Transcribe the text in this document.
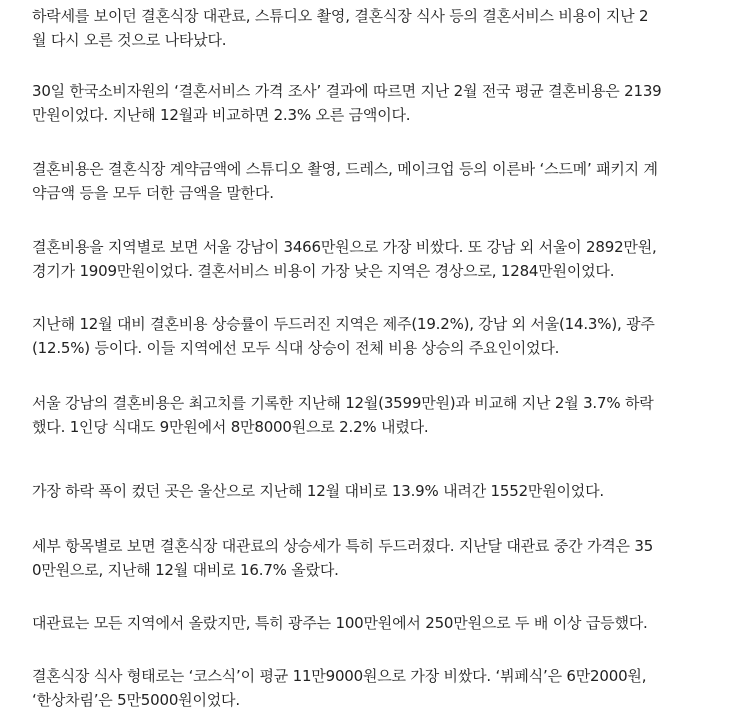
하락세를 보이던 결혼식장 대관료, 스튜디오 촬영, 결혼식장 식사 등의 결혼서비스 비용이 지난 2
월 다시 오른 것으로 나타났다.

30일 한국소비자원의 ‘결혼서비스 가격 조사’ 결과에 따르면 지난 2월 전국 평균 결혼비용은 2139
만원이었다. 지난해 12월과 비교하면 2.3% 오른 금액이다.

결혼비용은 결혼식장 계약금액에 스튜디오 촬영, 드레스, 메이크업 등의 이른바 ‘스드메’ 패키지 계
약금액 등을 모두 더한 금액을 말한다.

결혼비용을 지역별로 보면 서울 강남이 3466만원으로 가장 비쌌다. 또 강남 외 서울이 2892만원,
경기가 1909만원이었다. 결혼서비스 비용이 가장 낮은 지역은 경상으로, 1284만원이었다.

지난해 12월 대비 결혼비용 상승률이 두드러진 지역은 제주(19.2%), 강남 외 서울(14.3%), 광주
(12.5%) 등이다. 이들 지역에선 모두 식대 상승이 전체 비용 상승의 주요인이었다.

서울 강남의 결혼비용은 최고치를 기록한 지난해 12월(3599만원)과 비교해 지난 2월 3.7% 하락
했다. 1인당 식대도 9만원에서 8만8000원으로 2.2% 내렸다.

가장 하락 폭이 컸던 곳은 울산으로 지난해 12월 대비로 13.9% 내려간 1552만원이었다.

세부 항목별로 보면 결혼식장 대관료의 상승세가 특히 두드러졌다. 지난달 대관료 중간 가격은 35
0만원으로, 지난해 12월 대비로 16.7% 올랐다.

대관료는 모든 지역에서 올랐지만, 특히 광주는 100만원에서 250만원으로 두 배 이상 급등했다.

결혼식장 식사 형태로는 ‘코스식’이 평균 11만9000원으로 가장 비쌌다. ‘뷔페식’은 6만2000원,
‘한상차림’은 5만5000원이었다.
